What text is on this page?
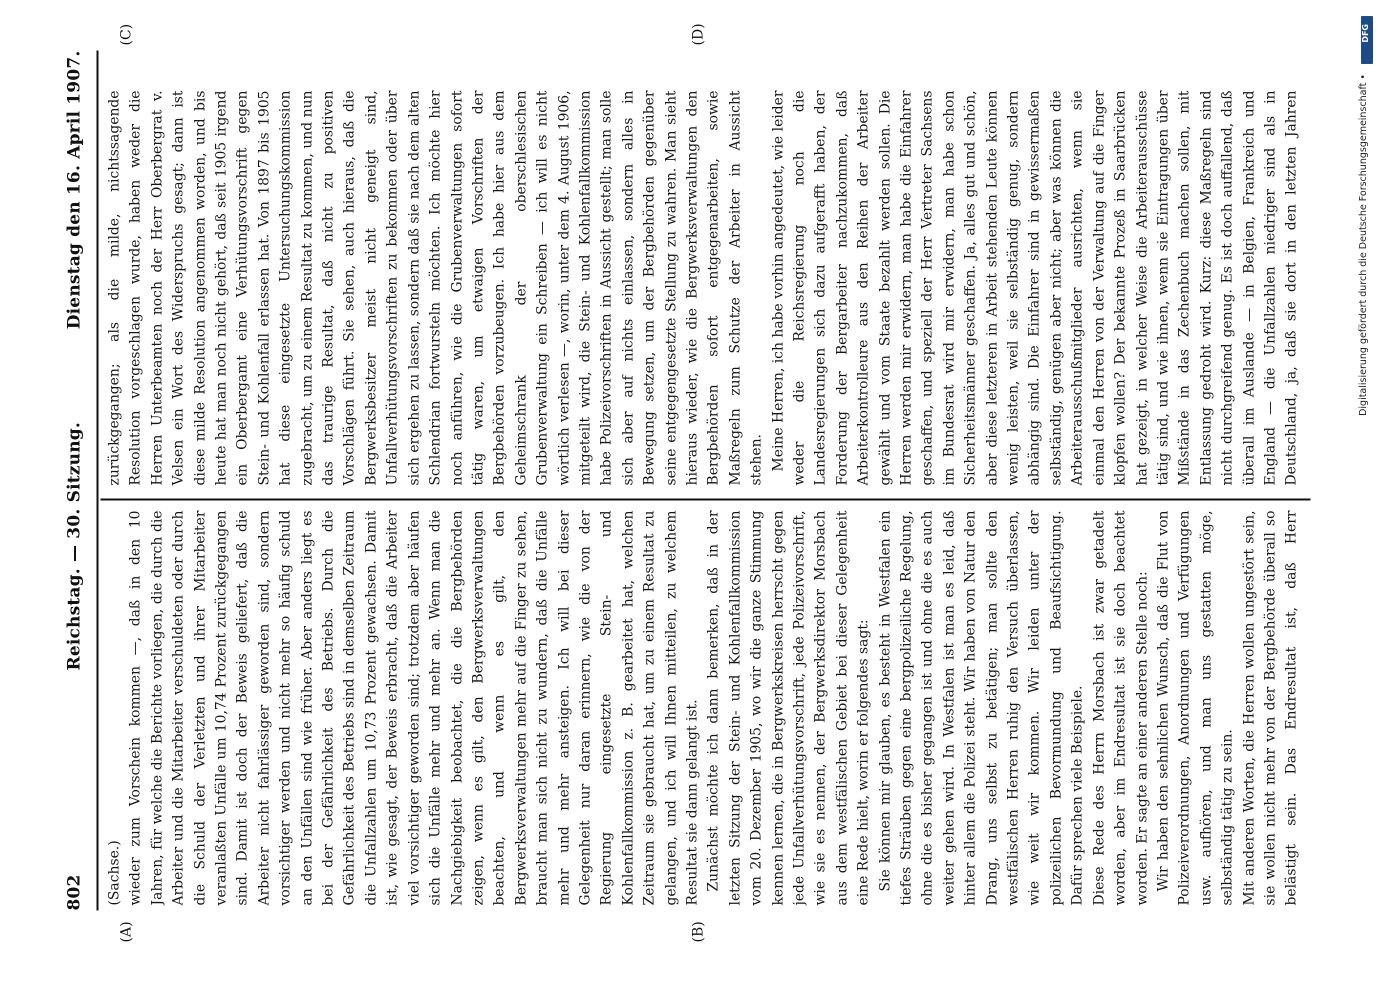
802
Reichstag. — 30. Sitzung.
Dienstag den 16. April 1907.
(A)	(B)
(C)	(D)

(Sachse.) wieder zum Vorschein kommen —, daß in den 10 Jahren, für welche die Berichte vorliegen, die durch die Arbeiter und die Mitarbeiter verschuldeten oder durch die Schuld der Verletzten und ihrer Mitarbeiter veranlaßten Unfälle um 10,74 Prozent zurückgegangen sind. Damit ist doch der Beweis geliefert, daß die Arbeiter nicht fahrlässiger geworden sind, sondern vorsichtiger werden und nicht mehr so häufig schuld an den Unfällen sind wie früher. Aber anders liegt es bei der Gefährlichkeit des Betriebs. Durch die Gefährlichkeit des Betriebs sind in demselben Zeitraum die Unfallzahlen um 10,73 Prozent gewachsen. Damit ist, wie gesagt, der Beweis erbracht, daß die Arbeiter viel vorsichtiger geworden sind; trotzdem aber häufen sich die Unfälle mehr und mehr an. Wenn man die Nachgiebigkeit beobachtet, die die Bergbehörden zeigen, wenn es gilt, den Bergwerksverwaltungen beachten, und wenn es gilt, den Bergwerksverwaltungen mehr auf die Finger zu sehen, braucht man sich nicht zu wundern, daß die Unfälle mehr und mehr ansteigen. Ich will bei dieser Gelegenheit nur daran erinnern, wie die von der Regierung eingesetzte Stein- und Kohlenfallkommission z. B. gearbeitet hat, welchen Zeitraum sie gebraucht hat, um zu einem Resultat zu gelangen, und ich will Ihnen mitteilen, zu welchem Resultat sie dann gelangt ist. Zunächst möchte ich dann bemerken, daß in der letzten Sitzung der Stein- und Kohlenfallkommission vom 20. Dezember 1905, wo wir die ganze Stimmung kennen lernen, die in Bergwerkskreisen herrscht gegen jede Unfallverhütungsvorschrift, jede Polizeivorschrift, wie sie es nennen, der Bergwerksdirektor Morsbach aus dem westfälischen Gebiet bei dieser Gelegenheit eine Rede hielt, worin er folgendes sagt: Sie können mir glauben, es besteht in Westfalen ein tiefes Sträuben gegen eine bergpolizeiliche Regelung, ohne die es bisher gegangen ist und ohne die es auch weiter gehen wird. In Westfalen ist man es leid, daß hinter allem die Polizei steht. Wir haben von Natur den Drang, uns selbst zu betätigen; man sollte den westfälischen Herren ruhig den Versuch überlassen, wie weit wir kommen. Wir leiden unter der polizeilichen Bevormundung und Beaufsichtigung. Dafür sprechen viele Beispiele. Diese Rede des Herrn Morsbach ist zwar getadelt worden, aber im Endresultat ist sie doch beachtet worden. Er sagte an einer anderen Stelle noch: Wir haben den sehnlichen Wunsch, daß die Flut von Polizeiverordnungen, Anordnungen und Verfügungen usw. aufhören, und man uns gestatten möge, selbständig tätig zu sein. Mit anderen Worten, die Herren wollen ungestört sein, sie wollen nicht mehr von der Bergbehörde überall so belästigt sein. Das Endresultat ist, daß Herr

zurückgegangen; als die milde, nichtssagende Resolution vorgeschlagen wurde, haben weder die Herren Unterbeamten noch der Herr Oberbergrat v. Velsen ein Wort des Widerspruchs gesagt; dann ist diese milde Resolution angenommen worden, und bis heute hat man noch nicht gehört, daß seit 1905 irgend ein Oberbergamt eine Verhütungsvorschrift gegen Stein- und Kohlenfall erlassen hat. Von 1897 bis 1905 hat diese eingesetzte Untersuchungskommission zugebracht, um zu einem Resultat zu kommen, und nun das traurige Resultat, daß nicht zu positiven Vorschlägen führt. Sie sehen, auch hieraus, daß die Bergwerksbesitzer meist nicht geneigt sind, Unfallverhütungsvorschriften zu bekommen oder über sich ergehen zu lassen, sondern daß sie nach dem alten Schlendrian fortwursteln möchten. Ich möchte hier noch anführen, wie die Grubenverwaltungen sofort tätig waren, um etwaigen Vorschriften der Bergbehörden vorzubeugen. Ich habe hier aus dem Geheimschrank der oberschlesischen Grubenverwaltung ein Schreiben — ich will es nicht wörtlich verlesen —, worin, unter dem 4. August 1906, mitgeteilt wird, die Stein- und Kohlenfallkommission habe Polizeivorschriften in Aussicht gestellt; man solle sich aber auf nichts einlassen, sondern alles in Bewegung setzen, um der Bergbehörden gegenüber seine entgegengesetzte Stellung zu wahren. Man sieht hieraus wieder, wie die Bergwerksverwaltungen den Bergbehörden sofort entgegenarbeiten, sowie Maßregeln zum Schutze der Arbeiter in Aussicht stehen. Meine Herren, ich habe vorhin angedeutet, wie leider weder die Reichsregierung noch die Landesregierungen sich dazu aufgerafft haben, der Forderung der Bergarbeiter nachzukommen, daß Arbeiterkontrolleure aus den Reihen der Arbeiter gewählt und vom Staate bezahlt werden sollen. Die Herren werden mir erwidern, man habe die Einfahrer geschaffen, und speziell der Herr Vertreter Sachsens im Bundesrat wird mir erwidern, man habe schon Sicherheitsmänner geschaffen. Ja, alles gut und schön, aber diese letzteren in Arbeit stehenden Leute können wenig leisten, weil sie selbständig genug, sondern abhängig sind. Die Einfahrer sind in gewissermaßen selbständig, genügen aber nicht; aber was können die Arbeiterausschußmitglieder ausrichten, wenn sie einmal den Herren von der Verwaltung auf die Finger klopfen wollen? Der bekannte Prozeß in Saarbrücken hat gezeigt, in welcher Weise die Arbeiterausschüsse tätig sind, und wie ihnen, wenn sie Eintragungen über Mißstände in das Zechenbuch machen sollen, mit Entlassung gedroht wird. Kurz: diese Maßregeln sind nicht durchgreifend genug. Es ist doch auffallend, daß überall im Auslande — in Belgien, Frankreich und England — die Unfallzahlen niedriger sind als in Deutschland, ja, daß sie dort in den letzten Jahren

DFG
Digitalisierung gefördert durch die Deutsche Forschungsgemeinschaft •
